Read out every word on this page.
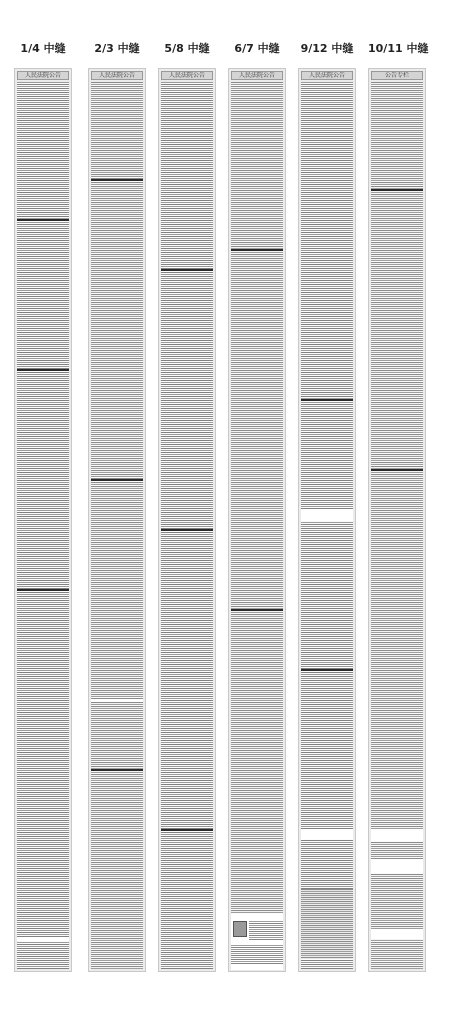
1/4 中缝
人民法院公告
2/3 中缝
人民法院公告
5/8 中缝
人民法院公告
6/7 中缝
人民法院公告
9/12 中缝
人民法院公告
10/11 中缝
公告专栏
